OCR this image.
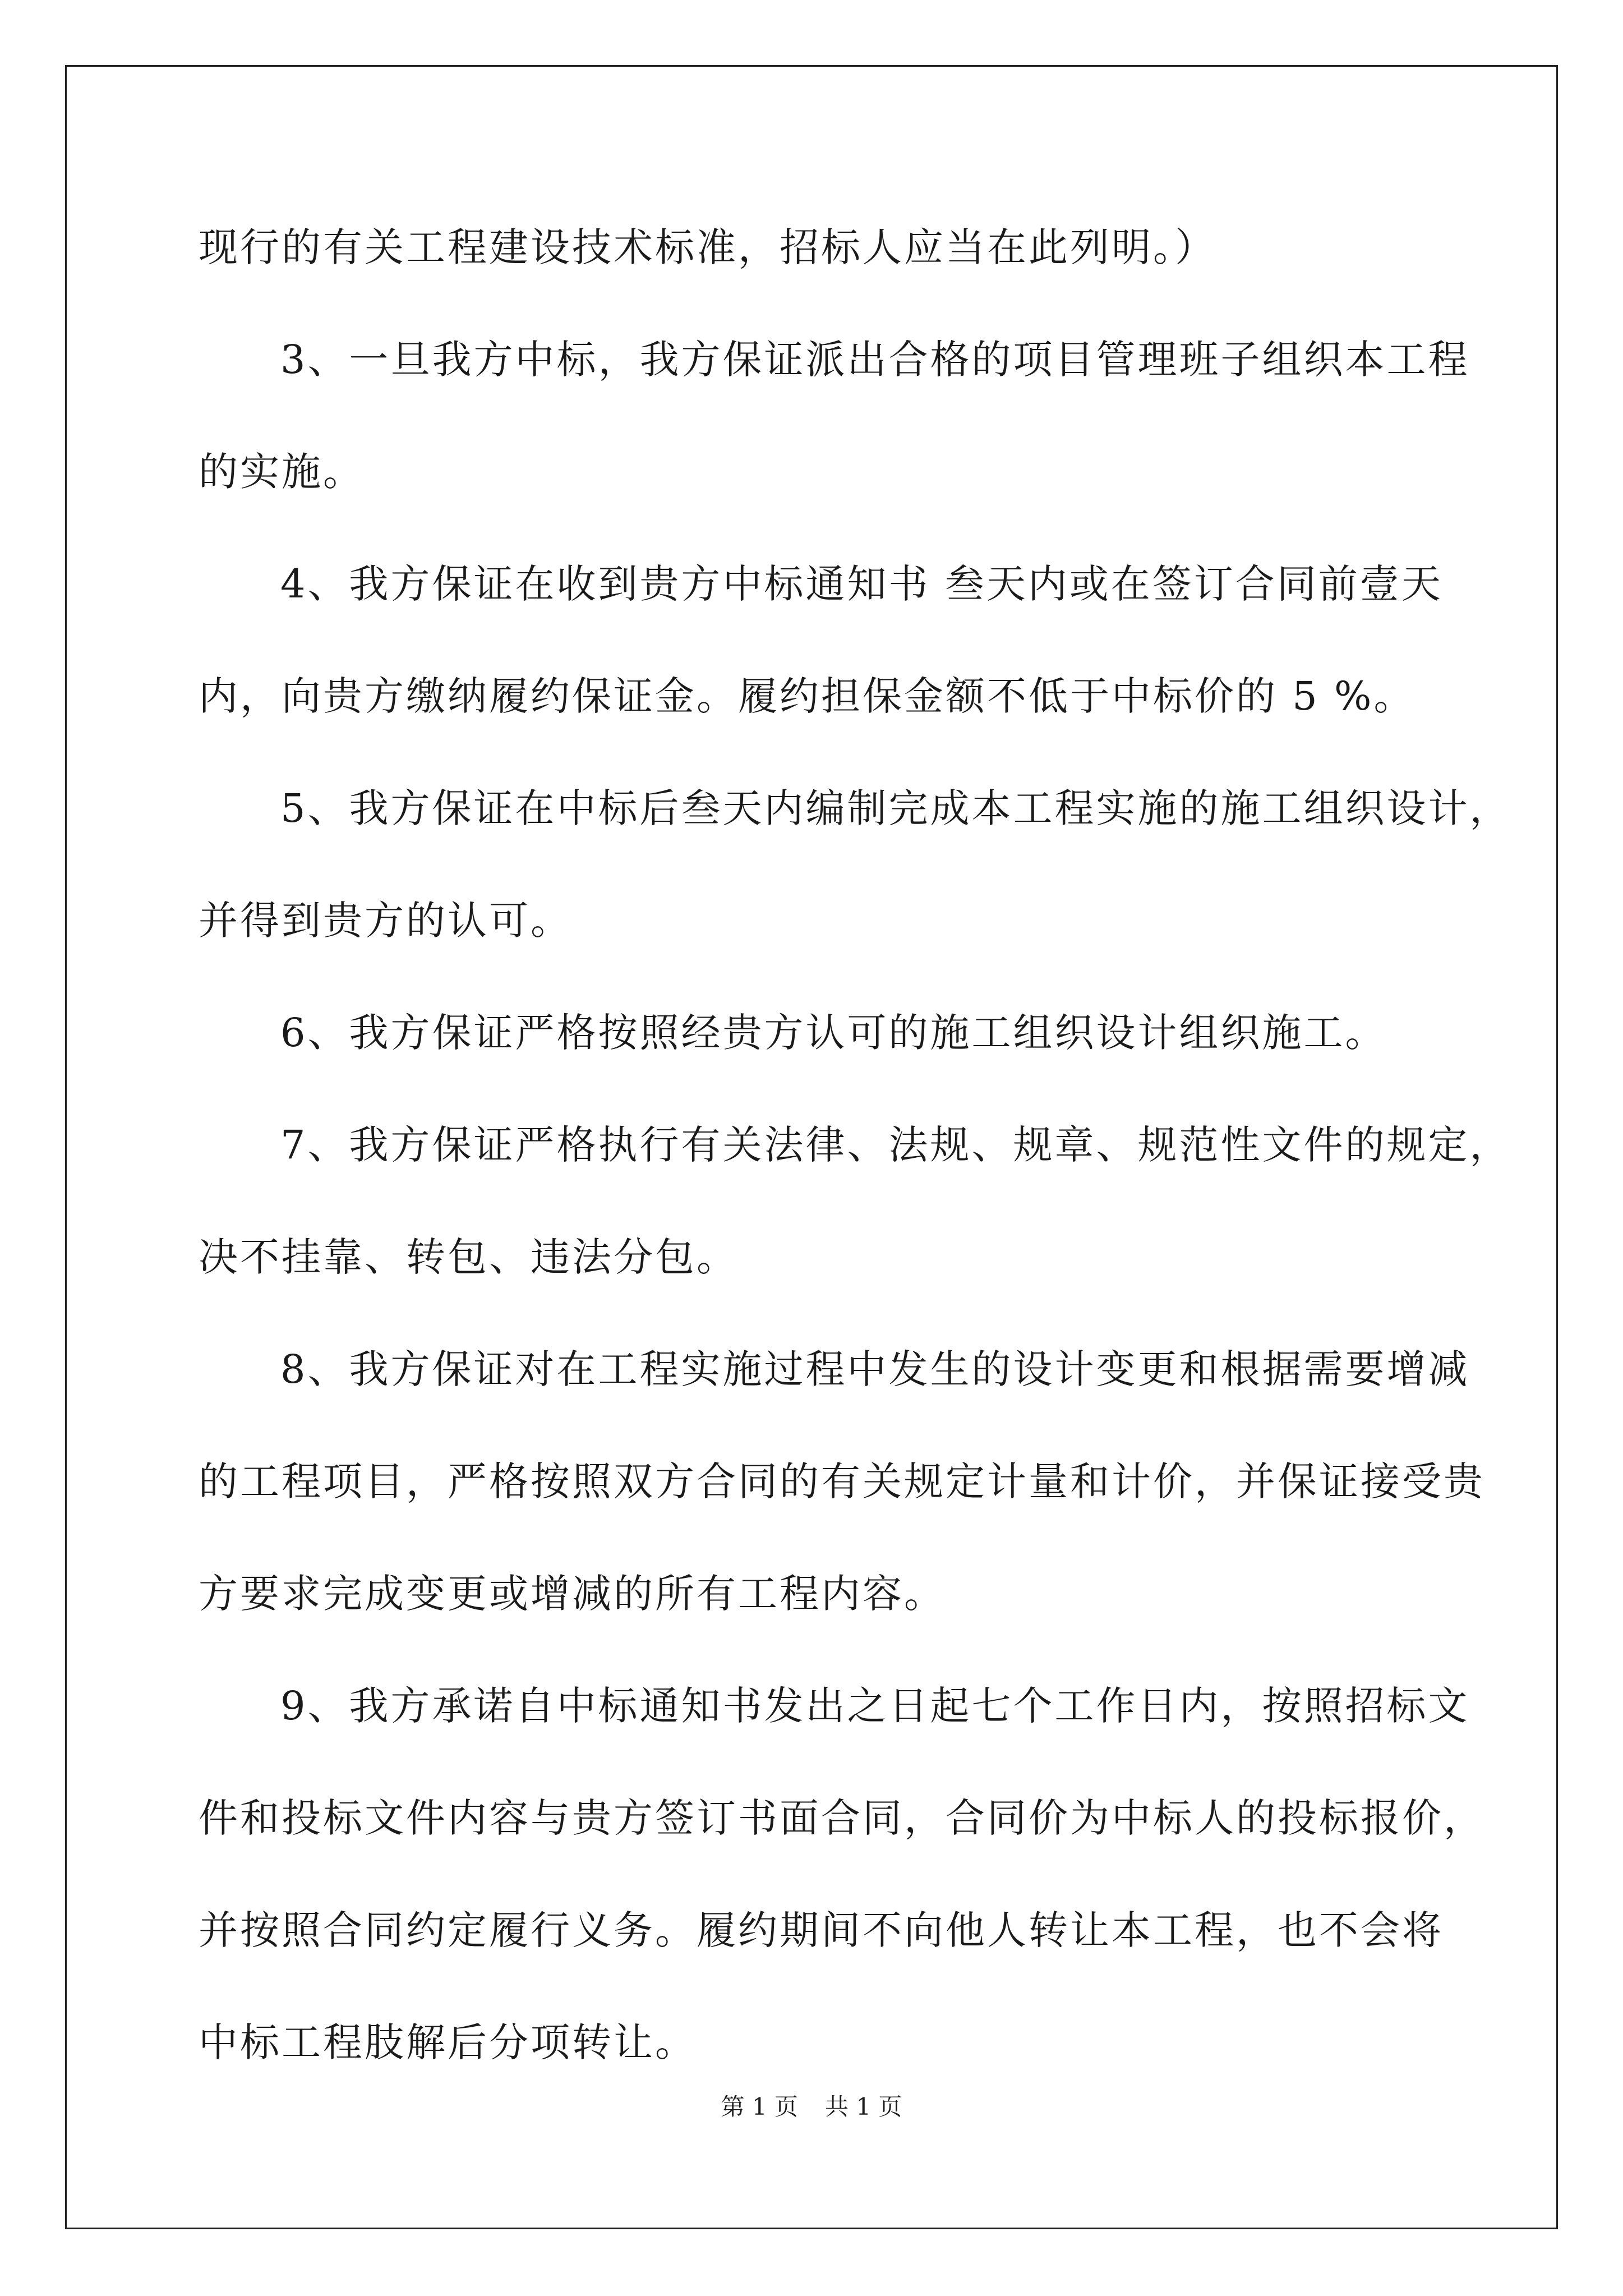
现行的有关工程建设技术标准，招标人应当在此列明。）
3、一旦我方中标，我方保证派出合格的项目管理班子组织本工程
的实施。
4、我方保证在收到贵方中标通知书 叁天内或在签订合同前壹天
内，向贵方缴纳履约保证金。履约担保金额不低于中标价的 5 %。
5、我方保证在中标后叁天内编制完成本工程实施的施工组织设计，
并得到贵方的认可。
6、我方保证严格按照经贵方认可的施工组织设计组织施工。
7、我方保证严格执行有关法律、法规、规章、规范性文件的规定，
决不挂靠、转包、违法分包。
8、我方保证对在工程实施过程中发生的设计变更和根据需要增减
的工程项目，严格按照双方合同的有关规定计量和计价，并保证接受贵
方要求完成变更或增减的所有工程内容。
9、我方承诺自中标通知书发出之日起七个工作日内，按照招标文
件和投标文件内容与贵方签订书面合同，合同价为中标人的投标报价，
并按照合同约定履行义务。履约期间不向他人转让本工程，也不会将
中标工程肢解后分项转让。
第 1 页 共 1 页
